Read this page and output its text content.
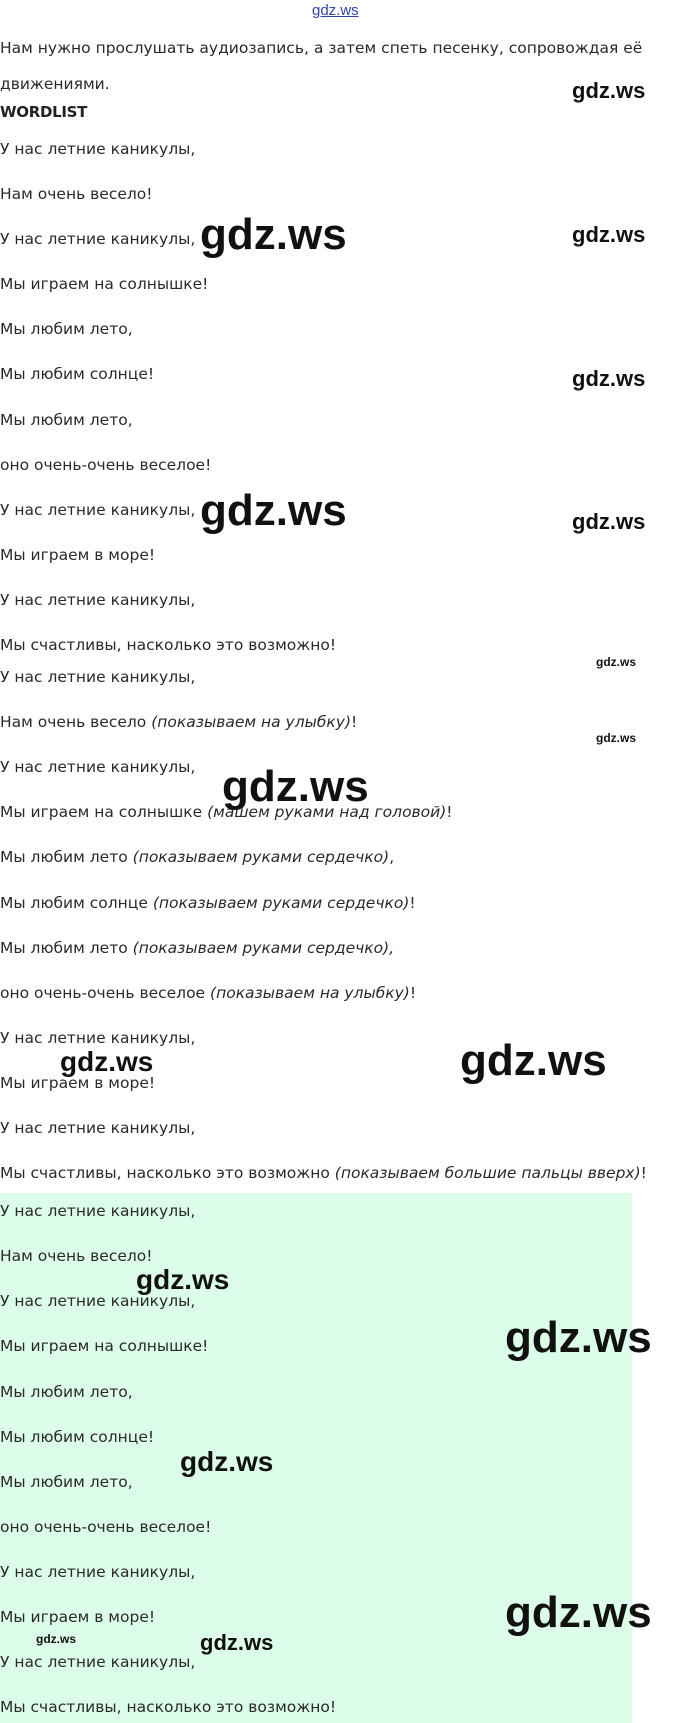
gdz.ws
Нам нужно прослушать аудиозапись, а затем спеть песенку, сопровождая её движениями.
WORDLIST
У нас летние каникулы,
Нам очень весело!
У нас летние каникулы,
Мы играем на солнышке!
Мы любим лето,
Мы любим солнце!
Мы любим лето,
оно очень-очень веселое!
У нас летние каникулы,
Мы играем в море!
У нас летние каникулы,
Мы счастливы, насколько это возможно!
У нас летние каникулы,
Нам очень весело (показываем на улыбку)!
У нас летние каникулы,
Мы играем на солнышке (машем руками над головой)!
Мы любим лето (показываем руками сердечко),
Мы любим солнце (показываем руками сердечко)!
Мы любим лето (показываем руками сердечко),
оно очень-очень веселое (показываем на улыбку)!
У нас летние каникулы,
Мы играем в море!
У нас летние каникулы,
Мы счастливы, насколько это возможно (показываем большие пальцы вверх)!
У нас летние каникулы,
Нам очень весело!
У нас летние каникулы,
Мы играем на солнышке!
Мы любим лето,
Мы любим солнце!
Мы любим лето,
оно очень-очень веселое!
У нас летние каникулы,
Мы играем в море!
У нас летние каникулы,
Мы счастливы, насколько это возможно!
gdz.ws
gdz.ws	gdz.ws
gdz.ws
gdz.ws	gdz.ws
gdz.ws
gdz.ws
gdz.ws
gdz.ws	gdz.ws
gdz.ws
gdz.ws
gdz.ws
gdz.ws
gdz.ws	gdz.ws
